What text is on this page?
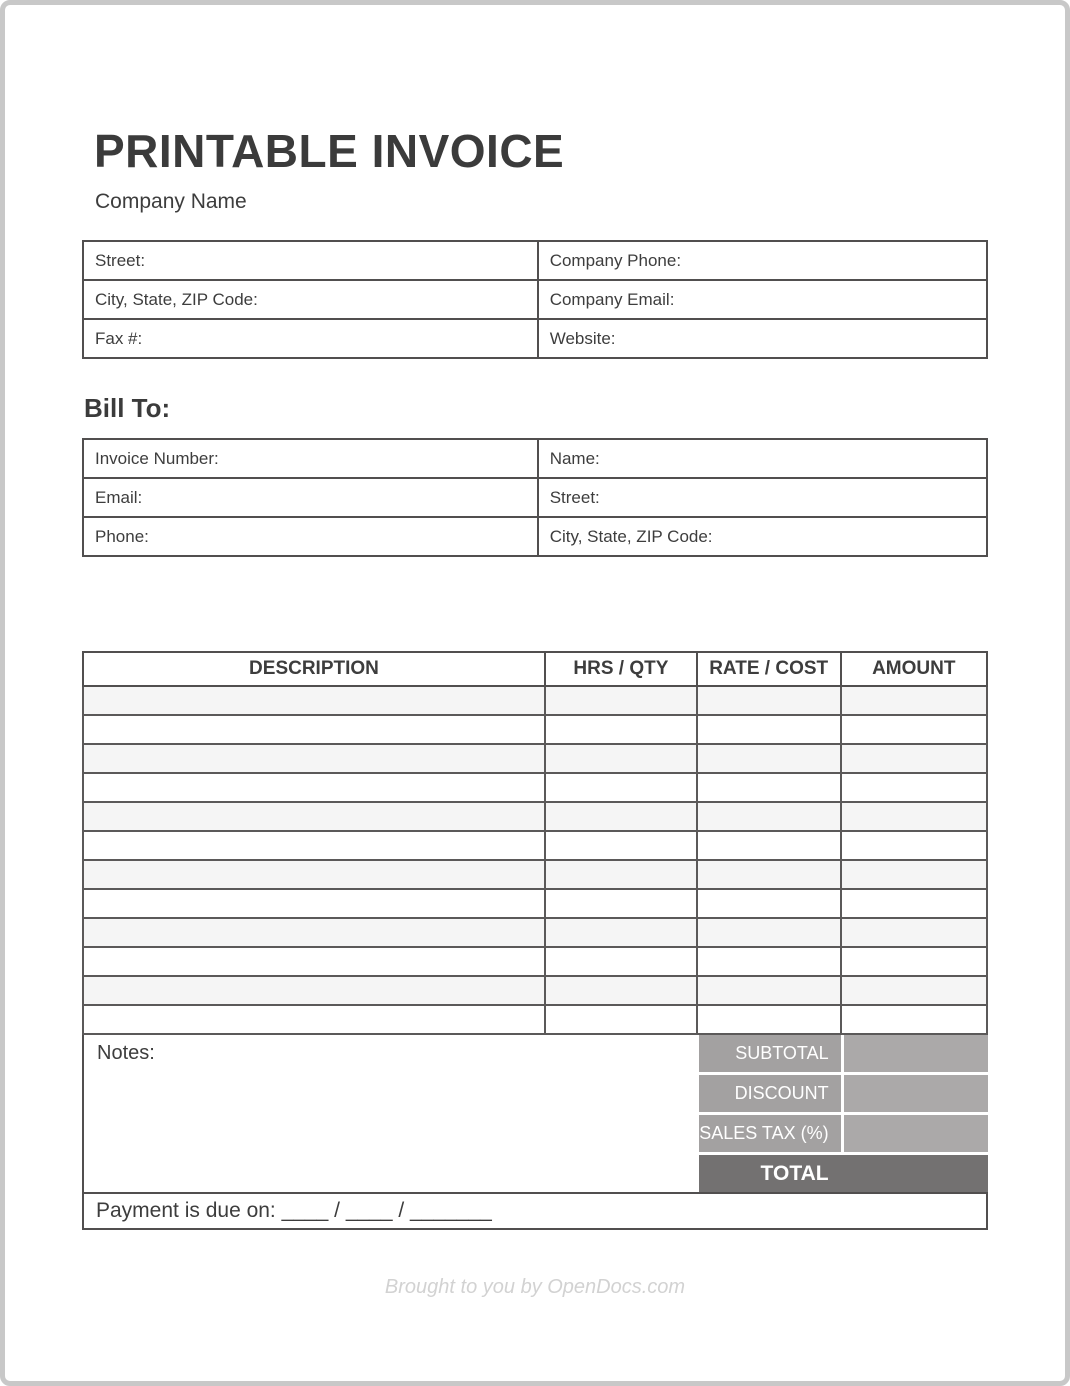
PRINTABLE INVOICE
Company Name
Street:	Company Phone:
City, State, ZIP Code:	Company Email:
Fax #:	Website:
Bill To:
Invoice Number:	Name:
Email:	Street:
Phone:	City, State, ZIP Code:
DESCRIPTION	HRS / QTY	RATE / COST	AMOUNT

Notes:	SUBTOTAL
DISCOUNT
SALES TAX (%)
TOTAL
Payment is due on: ____ / ____ / _______
Brought to you by OpenDocs.com
